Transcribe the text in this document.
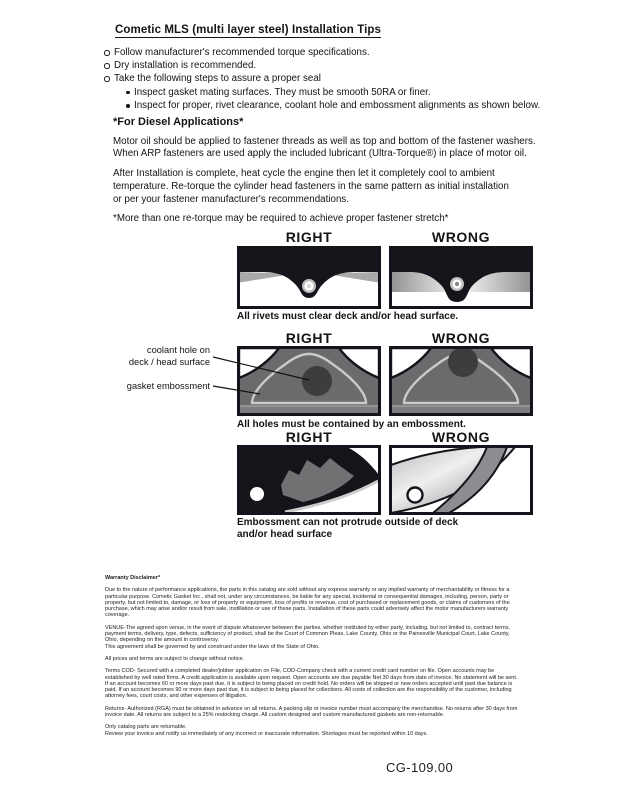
Cometic MLS (multi layer steel) Installation Tips
Follow manufacturer's recommended torque specifications.
Dry installation is recommended.
Take the following steps to assure a proper seal
Inspect gasket mating surfaces. They must be smooth 50RA or finer.
Inspect for proper, rivet clearance, coolant hole and embossment alignments as shown below.
*For Diesel Applications*

Motor oil should be applied to fastener threads as well as top and bottom of the fastener washers.
When ARP fasteners are used apply the included lubricant (Ultra-Torque®) in place of motor oil.

After Installation is complete, heat cycle the engine then let it completely cool to ambient
temperature. Re-torque the cylinder head fasteners in the same pattern as initial installation
or per your fastener manufacturer's recommendations.

*More than one re-torque may be required to achieve proper fastener stretch*

RIGHT	WRONG
All rivets must clear deck and/or head surface.
RIGHT	WRONG
coolant hole on
deck / head surface
gasket embossment
All holes must be contained by an embossment.
RIGHT	WRONG
Embossment can not protrude outside of deck
and/or head surface

Warranty Disclaimer*

Due to the nature of performance applications, the parts in this catalog are sold without any express warranty or any implied warranty of merchantability or fitness for a particular purpose. Cometic Gasket Inc., shall not, under any circumstances, be liable for any special, incidental or consequential damages, including, person, party or property, but not limited to, damage, or loss of property or equipment, loss of profits or revenue, cost of purchased or replacement goods, or claims of customers of the purchase, which may arise and/or result from sale, instillation or use of these parts. Installation of these parts could adversely affect the motor manufacturers warranty coverage.

VENUE-The agreed upon venue, in the event of dispute whatsoever between the parties, whether instituted by either party, including, but not limited to, contract terms, payment terms, delivery, type, defects, sufficiency of product, shall be the Court of Common Pleas, Lake County, Ohio or the Painesville Municipal Court, Lake County, Ohio, depending on the amount in controversy.
This agreement shall be governed by and construed under the laws of the State of Ohio.

All prices and terms are subject to change without notice.

Terms COD- Secured with a completed dealer/jobber application on File, COD-Company check with a current credit card number on file. Open accounts may be established by well rated firms. A credit application is available upon request. Open accounts are due payable Net 30 days from date of invoice. No statement will be sent. If an account becomes 60 or more days past due, it is subject to being placed on credit hold. No orders will be shipped or new orders accepted until past due balance is paid. If an account becomes 90 or more days past due, it is subject to being placed for collections. All costs of collection are the responsibility of the customer, including attorney fees, court costs, and other expenses of litigation.

Returns- Authorized (RGA) must be obtained in advance on all returns. A packing slip or invoice number must accompany the merchandise. No returns after 30 days from invoice date. All returns are subject to a 25% restocking charge. All custom designed and custom manufactured gaskets are non-returnable.

Only catalog parts are returnable.
Review your invoice and notify us immediately of any incorrect or inaccurate information. Shortages must be reported within 10 days.

CG-109.00
